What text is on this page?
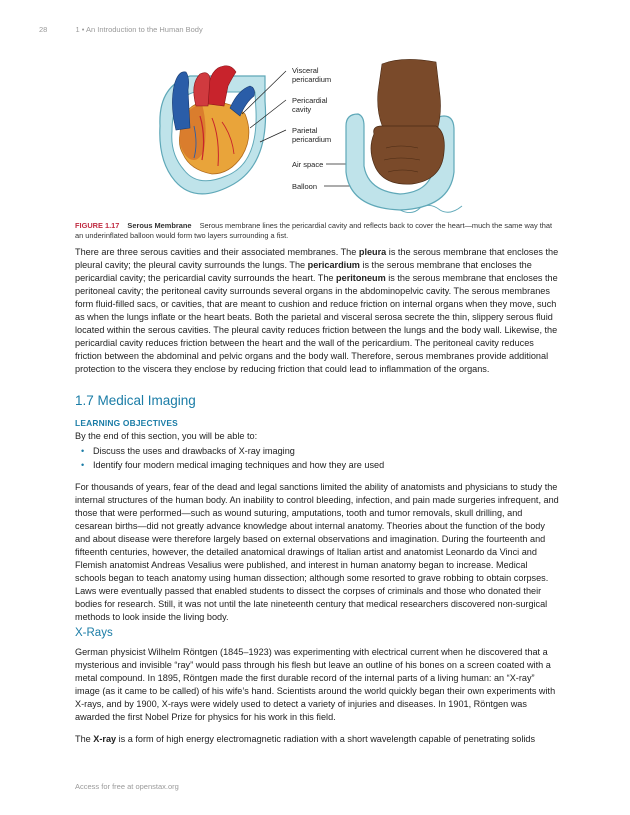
28	1 • An Introduction to the Human Body
Visceral
pericardium
Pericardial
cavity
Parietal
pericardium
Air space
Balloon
FIGURE 1.17 Serous Membrane Serous membrane lines the pericardial cavity and reflects back to cover the heart—much the same way that an underinflated balloon would form two layers surrounding a fist.

There are three serous cavities and their associated membranes. The pleura is the serous membrane that encloses the pleural cavity; the pleural cavity surrounds the lungs. The pericardium is the serous membrane that encloses the pericardial cavity; the pericardial cavity surrounds the heart. The peritoneum is the serous membrane that encloses the peritoneal cavity; the peritoneal cavity surrounds several organs in the abdominopelvic cavity. The serous membranes form fluid-filled sacs, or cavities, that are meant to cushion and reduce friction on internal organs when they move, such as when the lungs inflate or the heart beats. Both the parietal and visceral serosa secrete the thin, slippery serous fluid located within the serous cavities. The pleural cavity reduces friction between the lungs and the body wall. Likewise, the pericardial cavity reduces friction between the heart and the wall of the pericardium. The peritoneal cavity reduces friction between the abdominal and pelvic organs and the body wall. Therefore, serous membranes provide additional protection to the viscera they enclose by reducing friction that could lead to inflammation of the organs.

1.7 Medical Imaging
LEARNING OBJECTIVES
By the end of this section, you will be able to:
• Discuss the uses and drawbacks of X-ray imaging
• Identify four modern medical imaging techniques and how they are used

For thousands of years, fear of the dead and legal sanctions limited the ability of anatomists and physicians to study the internal structures of the human body. An inability to control bleeding, infection, and pain made surgeries infrequent, and those that were performed—such as wound suturing, amputations, tooth and tumor removals, skull drilling, and cesarean births—did not greatly advance knowledge about internal anatomy. Theories about the function of the body and about disease were therefore largely based on external observations and imagination. During the fourteenth and fifteenth centuries, however, the detailed anatomical drawings of Italian artist and anatomist Leonardo da Vinci and Flemish anatomist Andreas Vesalius were published, and interest in human anatomy began to increase. Medical schools began to teach anatomy using human dissection; although some resorted to grave robbing to obtain corpses. Laws were eventually passed that enabled students to dissect the corpses of criminals and those who donated their bodies for research. Still, it was not until the late nineteenth century that medical researchers discovered non-surgical methods to look inside the living body.

X-Rays

German physicist Wilhelm Röntgen (1845–1923) was experimenting with electrical current when he discovered that a mysterious and invisible “ray” would pass through his flesh but leave an outline of his bones on a screen coated with a metal compound. In 1895, Röntgen made the first durable record of the internal parts of a living human: an “X-ray” image (as it came to be called) of his wife’s hand. Scientists around the world quickly began their own experiments with X-rays, and by 1900, X-rays were widely used to detect a variety of injuries and diseases. In 1901, Röntgen was awarded the first Nobel Prize for physics for his work in this field.

The X-ray is a form of high energy electromagnetic radiation with a short wavelength capable of penetrating solids

Access for free at openstax.org
